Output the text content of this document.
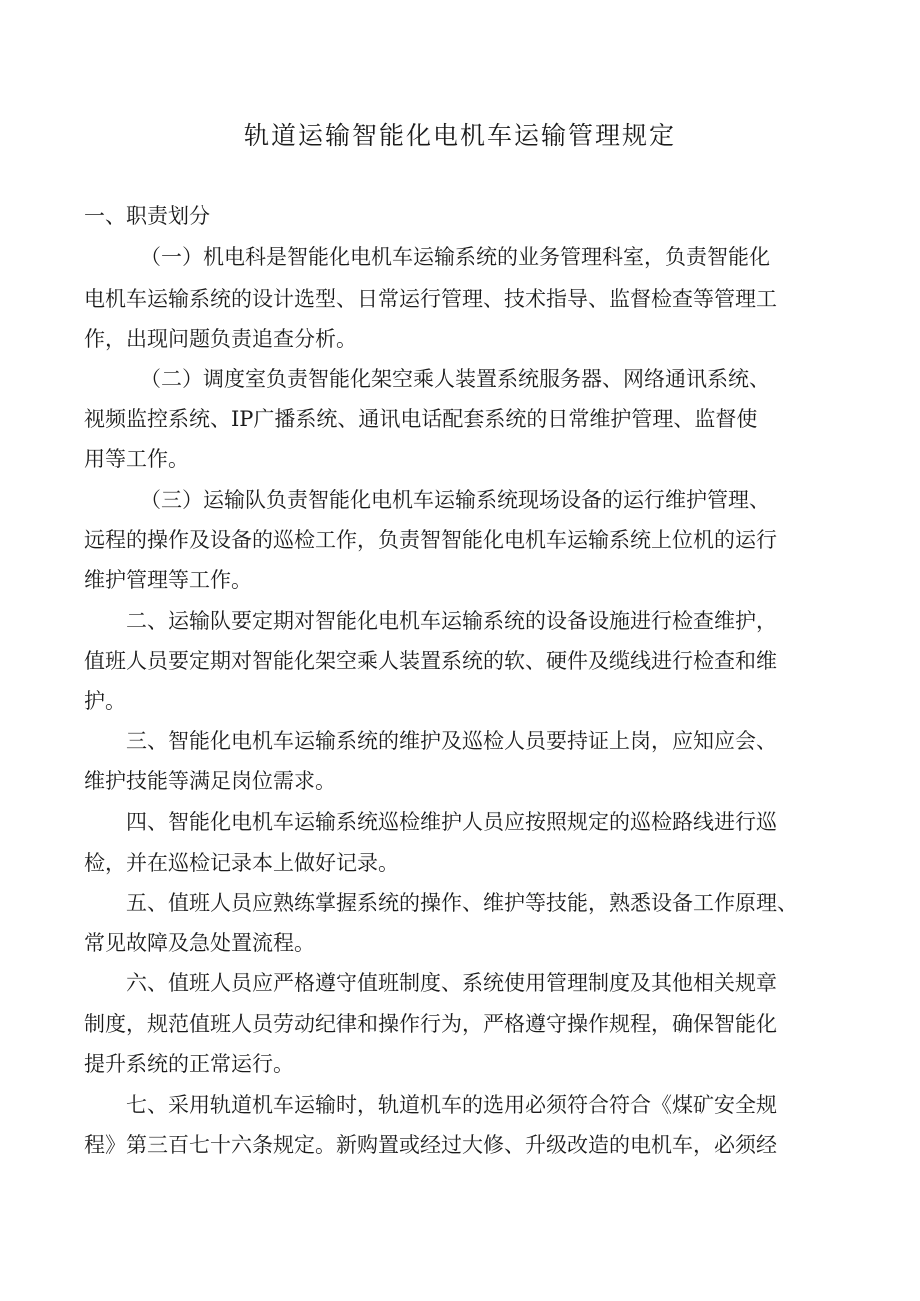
轨道运输智能化电机车运输管理规定
一、职责划分
（一）机电科是智能化电机车运输系统的业务管理科室，负责智能化
电机车运输系统的设计选型、日常运行管理、技术指导、监督检查等管理工
作，出现问题负责追查分析。
（二）调度室负责智能化架空乘人装置系统服务器、网络通讯系统、
视频监控系统、IP广播系统、通讯电话配套系统的日常维护管理、监督使
用等工作。
（三）运输队负责智能化电机车运输系统现场设备的运行维护管理、
远程的操作及设备的巡检工作，负责智智能化电机车运输系统上位机的运行
维护管理等工作。
二、运输队要定期对智能化电机车运输系统的设备设施进行检查维护，
值班人员要定期对智能化架空乘人装置系统的软、硬件及缆线进行检查和维
护。
三、智能化电机车运输系统的维护及巡检人员要持证上岗，应知应会、
维护技能等满足岗位需求。
四、智能化电机车运输系统巡检维护人员应按照规定的巡检路线进行巡
检，并在巡检记录本上做好记录。
五、值班人员应熟练掌握系统的操作、维护等技能，熟悉设备工作原理、
常见故障及急处置流程。
六、值班人员应严格遵守值班制度、系统使用管理制度及其他相关规章
制度，规范值班人员劳动纪律和操作行为，严格遵守操作规程，确保智能化
提升系统的正常运行。
七、采用轨道机车运输时，轨道机车的选用必须符合符合《煤矿安全规
程》第三百七十六条规定。新购置或经过大修、升级改造的电机车，必须经
